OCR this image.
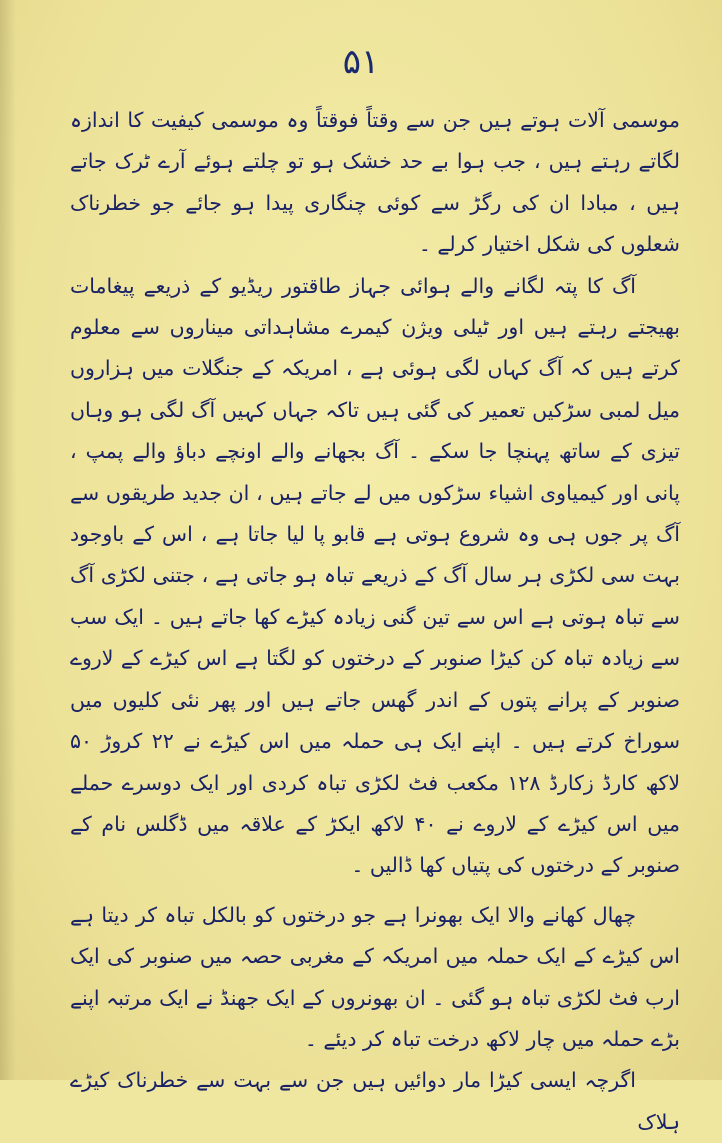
۵۱

موسمی آلات ہوتے ہیں جن سے وقتاً فوقتاً وہ موسمی کیفیت کا اندازہ لگاتے رہتے ہیں ، جب ہوا بے حد خشک ہو تو چلتے ہوئے آرے ٹرک جاتے ہیں ، مبادا ان کی رگڑ سے کوئی چنگاری پیدا ہو جائے جو خطرناک شعلوں کی شکل اختیار کرلے ۔

آگ کا پتہ لگانے والے ہوائی جہاز طاقتور ریڈیو کے ذریعے پیغامات بھیجتے رہتے ہیں اور ٹیلی ویژن کیمرے مشاہداتی میناروں سے معلوم کرتے ہیں کہ آگ کہاں لگی ہوئی ہے ، امریکہ کے جنگلات میں ہزاروں میل لمبی سڑکیں تعمیر کی گئی ہیں تاکہ جہاں کہیں آگ لگی ہو وہاں تیزی کے ساتھ پہنچا جا سکے ۔ آگ بجھانے والے اونچے دباؤ والے پمپ ، پانی اور کیمیاوی اشیاء سڑکوں میں لے جاتے ہیں ، ان جدید طریقوں سے آگ پر جوں ہی وہ شروع ہوتی ہے قابو پا لیا جاتا ہے ، اس کے باوجود بہت سی لکڑی ہر سال آگ کے ذریعے تباہ ہو جاتی ہے ، جتنی لکڑی آگ سے تباہ ہوتی ہے اس سے تین گنی زیادہ کیڑے کھا جاتے ہیں ۔ ایک سب سے زیادہ تباہ کن کیڑا صنوبر کے درختوں کو لگتا ہے اس کیڑے کے لاروے صنوبر کے پرانے پتوں کے اندر گھس جاتے ہیں اور پھر نئی کلیوں میں سوراخ کرتے ہیں ۔ اپنے ایک ہی حملہ میں اس کیڑے نے ۲۲ کروڑ ۵۰ لاکھ کارڈ زکارڈ ۱۲۸ مکعب فٹ لکڑی تباہ کردی اور ایک دوسرے حملے میں اس کیڑے کے لاروے نے ۴۰ لاکھ ایکڑ کے علاقہ میں ڈگلس نام کے صنوبر کے درختوں کی پتیاں کھا ڈالیں ۔

چھال کھانے والا ایک بھونرا ہے جو درختوں کو بالکل تباہ کر دیتا ہے اس کیڑے کے ایک حملہ میں امریکہ کے مغربی حصہ میں صنوبر کی ایک ارب فٹ لکڑی تباہ ہو گئی ۔ ان بھونروں کے ایک جھنڈ نے ایک مرتبہ اپنے بڑے حملہ میں چار لاکھ درخت تباہ کر دیئے ۔

اگرچہ ایسی کیڑا مار دوائیں ہیں جن سے بہت سے خطرناک کیڑے ہلاک
